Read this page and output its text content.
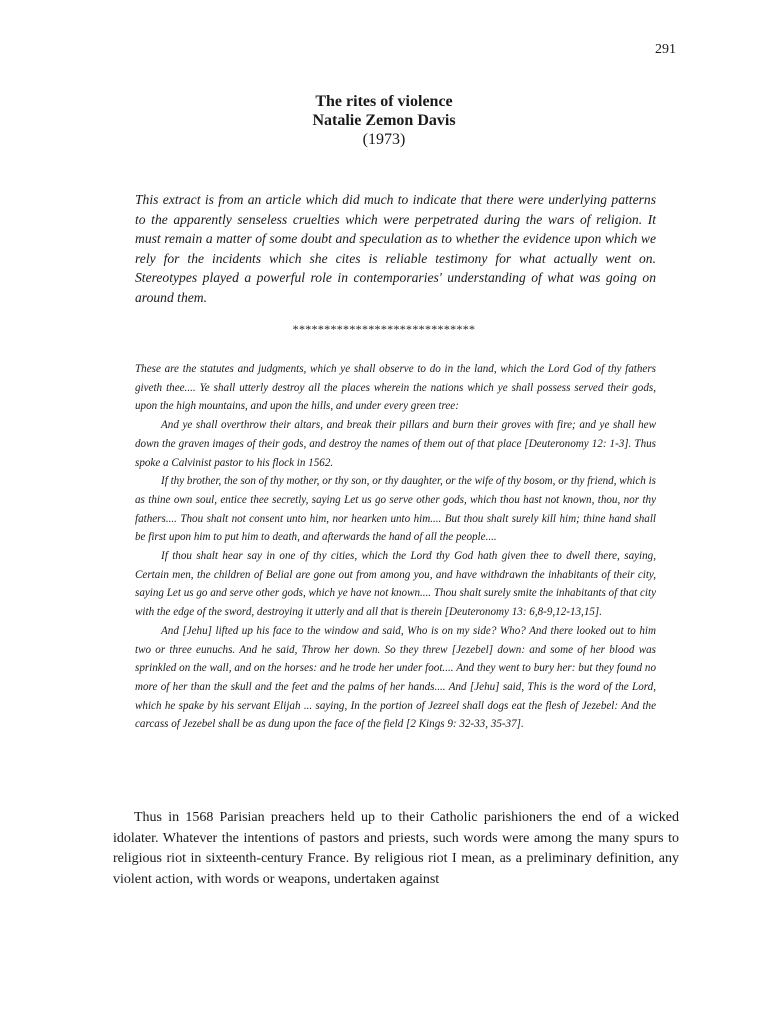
291
The rites of violence
Natalie Zemon Davis
(1973)
This extract is from an article which did much to indicate that there were underlying patterns to the apparently senseless cruelties which were perpetrated during the wars of religion. It must remain a matter of some doubt and speculation as to whether the evidence upon which we rely for the incidents which she cites is reliable testimony for what actually went on. Stereotypes played a powerful role in contemporaries' understanding of what was going on around them.
*****************************

These are the statutes and judgments, which ye shall observe to do in the land, which the Lord God of thy fathers giveth thee.... Ye shall utterly destroy all the places wherein the nations which ye shall possess served their gods, upon the high mountains, and upon the hills, and under every green tree:

And ye shall overthrow their altars, and break their pillars and burn their groves with fire; and ye shall hew down the graven images of their gods, and destroy the names of them out of that place [Deuteronomy 12: 1-3]. Thus spoke a Calvinist pastor to his flock in 1562.

If thy brother, the son of thy mother, or thy son, or thy daughter, or the wife of thy bosom, or thy friend, which is as thine own soul, entice thee secretly, saying Let us go serve other gods, which thou hast not known, thou, nor thy fathers.... Thou shalt not consent unto him, nor hearken unto him.... But thou shalt surely kill him; thine hand shall be first upon him to put him to death, and afterwards the hand of all the people....

If thou shalt hear say in one of thy cities, which the Lord thy God hath given thee to dwell there, saying, Certain men, the children of Belial are gone out from among you, and have withdrawn the inhabitants of their city, saying Let us go and serve other gods, which ye have not known.... Thou shalt surely smite the inhabitants of that city with the edge of the sword, destroying it utterly and all that is therein [Deuteronomy 13: 6,8-9,12-13,15].

And [Jehu] lifted up his face to the window and said, Who is on my side? Who? And there looked out to him two or three eunuchs. And he said, Throw her down. So they threw [Jezebel] down: and some of her blood was sprinkled on the wall, and on the horses: and he trode her under foot.... And they went to bury her: but they found no more of her than the skull and the feet and the palms of her hands.... And [Jehu] said, This is the word of the Lord, which he spake by his servant Elijah ... saying, In the portion of Jezreel shall dogs eat the flesh of Jezebel: And the carcass of Jezebel shall be as dung upon the face of the field [2 Kings 9: 32-33, 35-37].

Thus in 1568 Parisian preachers held up to their Catholic parishioners the end of a wicked idolater. Whatever the intentions of pastors and priests, such words were among the many spurs to religious riot in sixteenth-century France. By religious riot I mean, as a preliminary definition, any violent action, with words or weapons, undertaken against
